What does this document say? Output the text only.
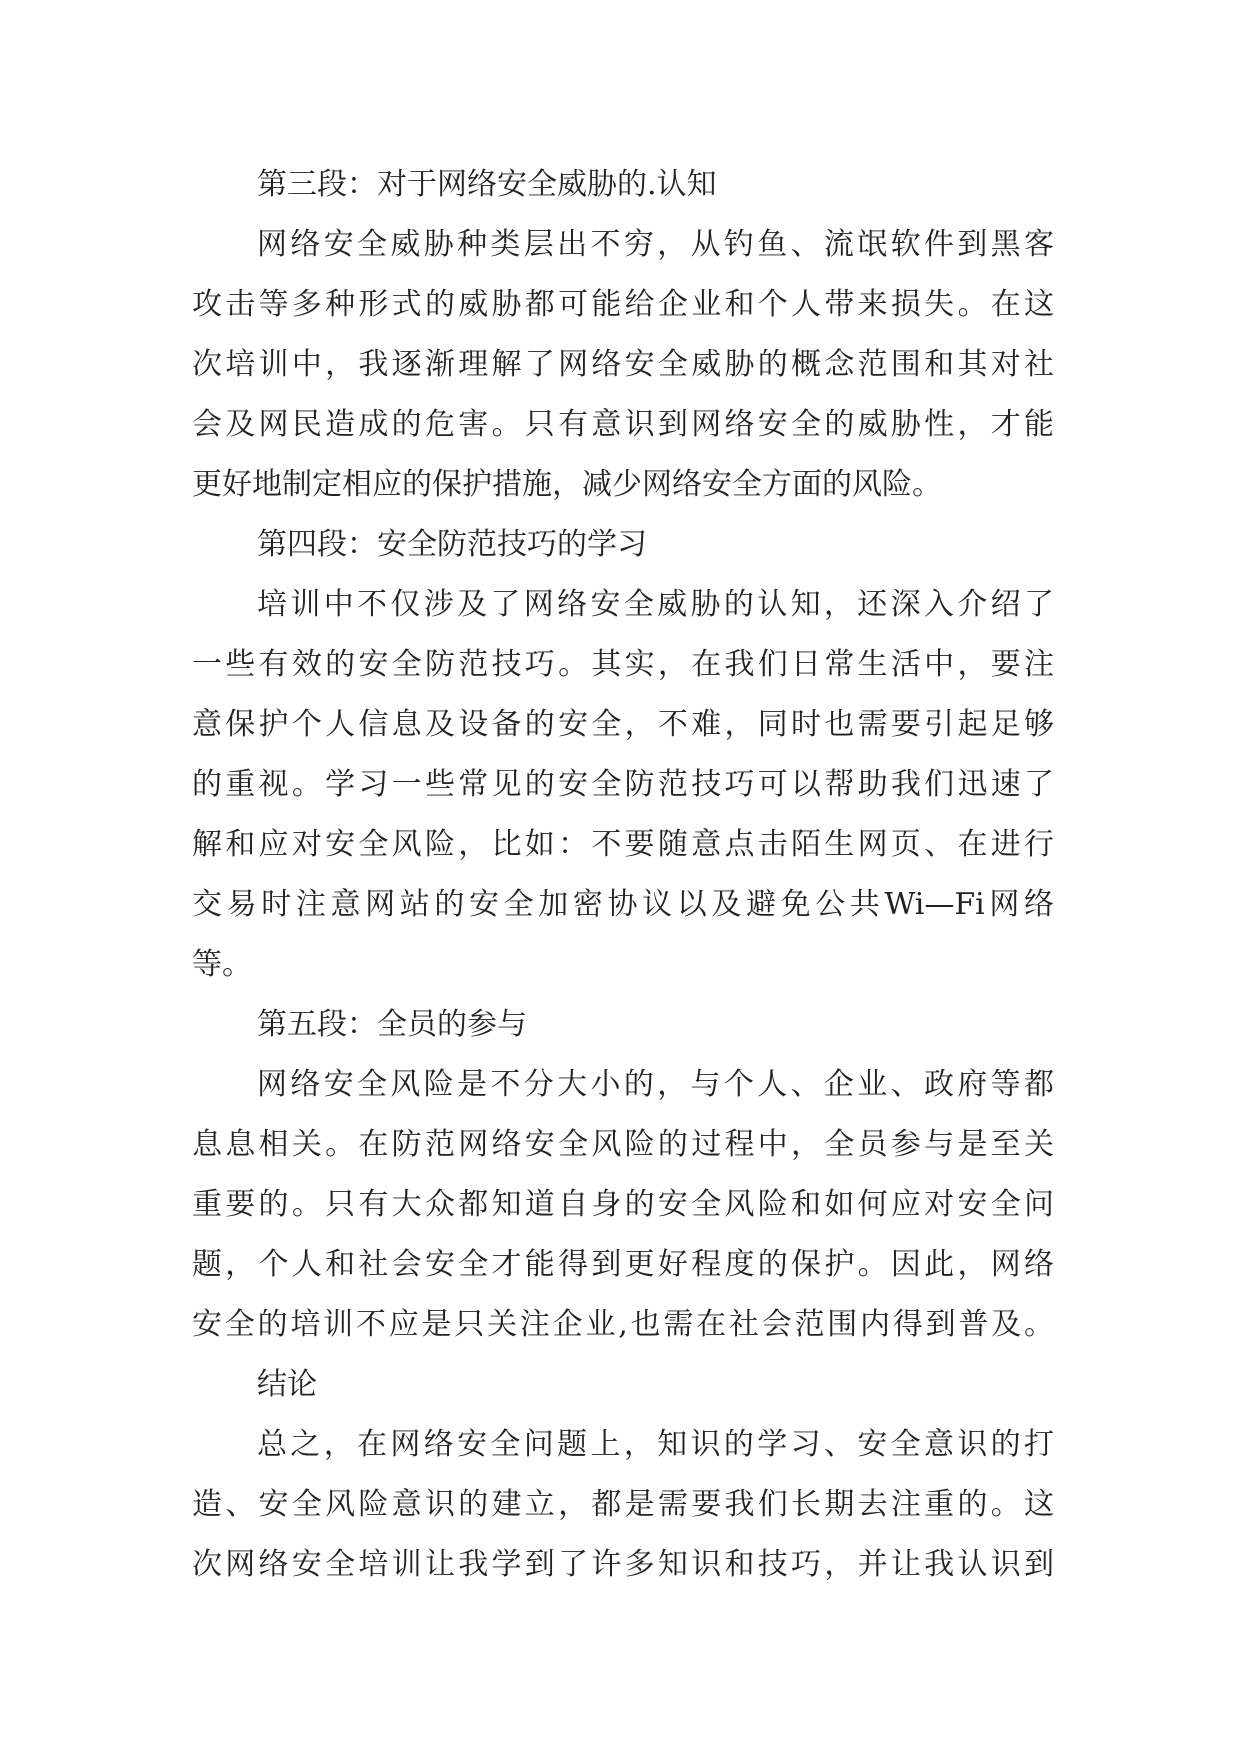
第三段：对于网络安全威胁的.认知
网络安全威胁种类层出不穷，从钓鱼、流氓软件到黑客
攻击等多种形式的威胁都可能给企业和个人带来损失。在这
次培训中，我逐渐理解了网络安全威胁的概念范围和其对社
会及网民造成的危害。只有意识到网络安全的威胁性，才能
更好地制定相应的保护措施，减少网络安全方面的风险。
第四段：安全防范技巧的学习
培训中不仅涉及了网络安全威胁的认知，还深入介绍了
一些有效的安全防范技巧。其实，在我们日常生活中，要注
意保护个人信息及设备的安全，不难，同时也需要引起足够
的重视。学习一些常见的安全防范技巧可以帮助我们迅速了
解和应对安全风险，比如：不要随意点击陌生网页、在进行
交易时注意网站的安全加密协议以及避免公共Wi—Fi网络
等。
第五段：全员的参与
网络安全风险是不分大小的，与个人、企业、政府等都
息息相关。在防范网络安全风险的过程中，全员参与是至关
重要的。只有大众都知道自身的安全风险和如何应对安全问
题，个人和社会安全才能得到更好程度的保护。因此，网络
安全的培训不应是只关注企业,也需在社会范围内得到普及。
结论
总之，在网络安全问题上，知识的学习、安全意识的打
造、安全风险意识的建立，都是需要我们长期去注重的。这
次网络安全培训让我学到了许多知识和技巧，并让我认识到
